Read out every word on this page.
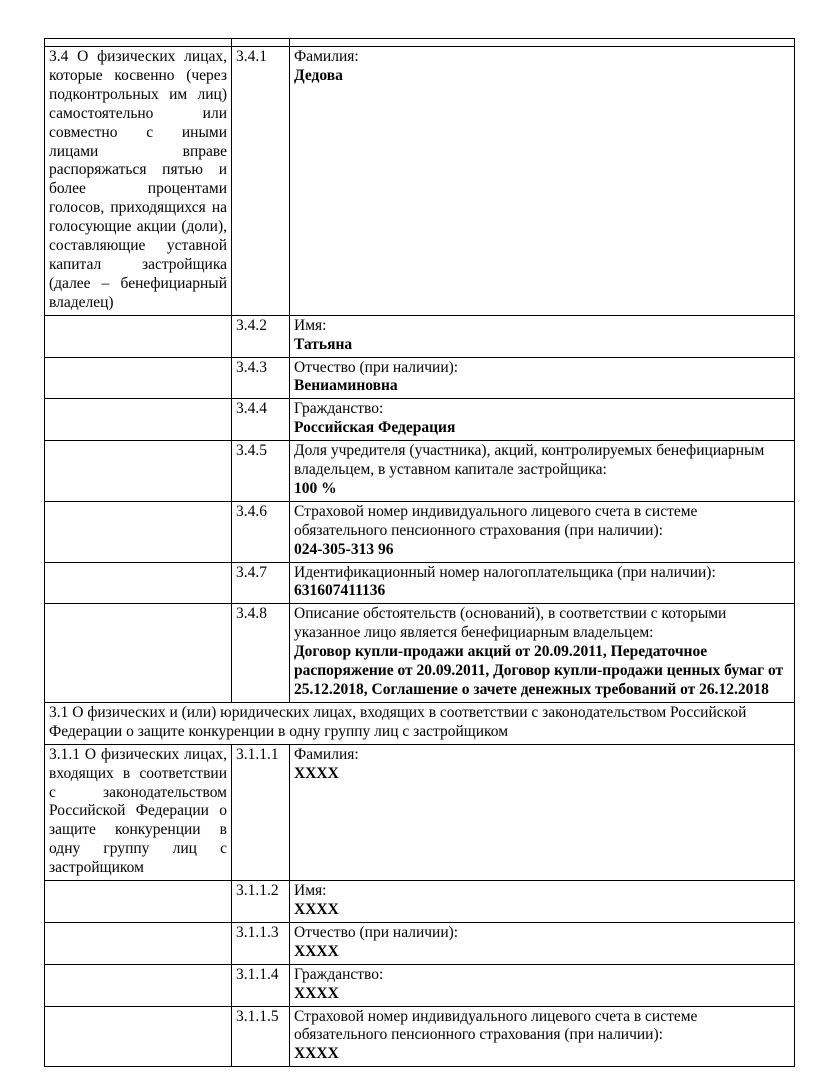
3.4 О физических лицах, которые косвенно (через подконтрольных им лиц) самостоятельно или совместно с иными лицами вправе распоряжаться пятью и более процентами голосов, приходящихся на голосующие акции (доли), составляющие уставной капитал застройщика (далее – бенефициарный владелец)	3.4.1	Фамилия:
Дедова

	3.4.2	Имя:
Татьяна

	3.4.3	Отчество (при наличии):
Вениаминовна

	3.4.4	Гражданство:
Российская Федерация

	3.4.5	Доля учредителя (участника), акций, контролируемых бенефициарным владельцем, в уставном капитале застройщика:
100 %

	3.4.6	Страховой номер индивидуального лицевого счета в системе обязательного пенсионного страхования (при наличии):
024-305-313 96

	3.4.7	Идентификационный номер налогоплательщика (при наличии):
631607411136

	3.4.8	Описание обстоятельств (оснований), в соответствии с которыми указанное лицо является бенефициарным владельцем:
Договор купли-продажи акций от 20.09.2011, Передаточное распоряжение от 20.09.2011, Договор купли-продажи ценных бумаг от 25.12.2018, Соглашение о зачете денежных требований от 26.12.2018

3.1 О физических и (или) юридических лицах, входящих в соответствии с законодательством Российской Федерации о защите конкуренции в одну группу лиц с застройщиком		
3.1.1 О физических лицах, входящих в соответствии с законодательством Российской Федерации о защите конкуренции в одну группу лиц с застройщиком	3.1.1.1	Фамилия:
ХХХХ

	3.1.1.2	Имя:
ХХХХ

	3.1.1.3	Отчество (при наличии):
ХХХХ

	3.1.1.4	Гражданство:
ХХХХ

	3.1.1.5	Страховой номер индивидуального лицевого счета в системе обязательного пенсионного страхования (при наличии):
ХХХХ
